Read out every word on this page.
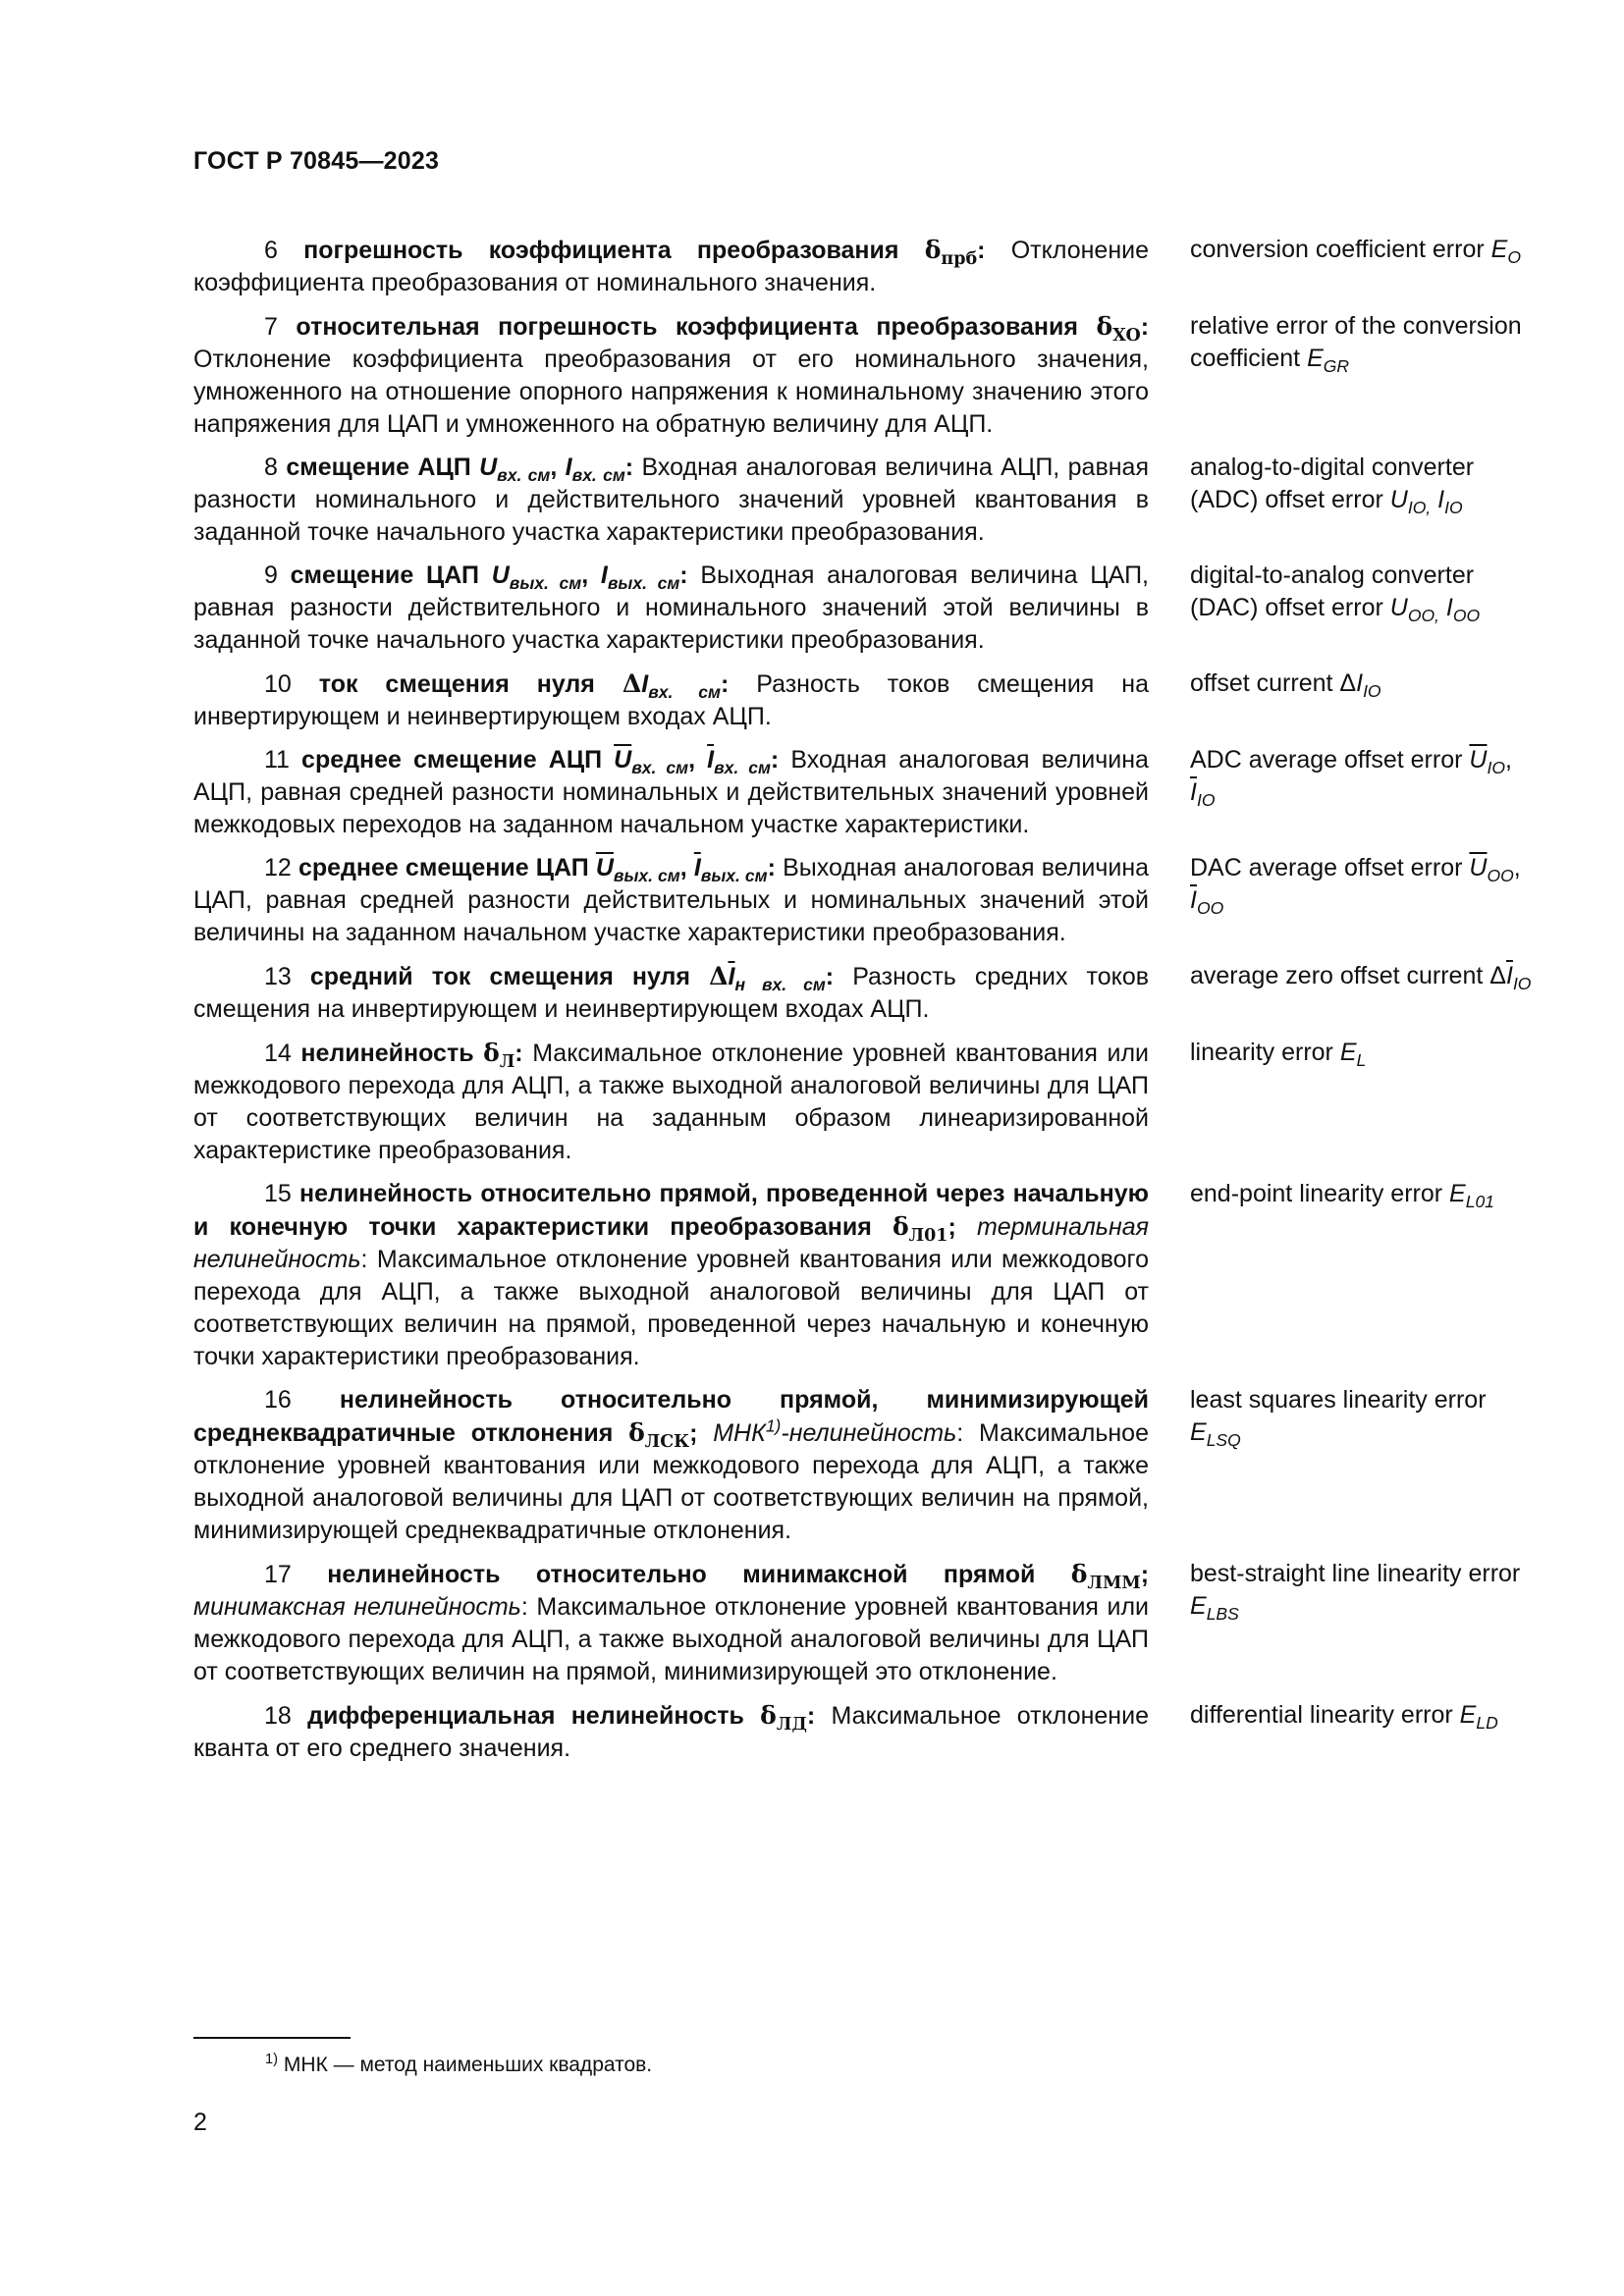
ГОСТ Р 70845—2023
6 погрешность коэффициента преобразования $\delta_{прб}$: Отклонение коэффициента преобразования от номинального значения.
conversion coefficient error $E_O$
7 относительная погрешность коэффициента преобразования $\delta_{XO}$: Отклонение коэффициента преобразования от его номинального значения, умноженного на отношение опорного напряжения к номинальному значению этого напряжения для ЦАП и умноженного на обратную величину для АЦП.
relative error of the conversion coefficient $E_{GR}$
8 смещение АЦП $U_{вх. см}$, $I_{вх. см}$: Входная аналоговая величина АЦП, равная разности номинального и действительного значений уровней квантования в заданной точке начального участка характеристики преобразования.
analog-to-digital converter (ADC) offset error $U_{IO,}$ $I_{IO}$
9 смещение ЦАП $U_{вых. см}$, $I_{вых. см}$: Выходная аналоговая величина ЦАП, равная разности действительного и номинального значений этой величины в заданной точке начального участка характеристики преобразования.
digital-to-analog converter (DAC) offset error $U_{OO,}$ $I_{OO}$
10 ток смещения нуля $\Delta I_{вх. см}$: Разность токов смещения на инвертирующем и неинвертирующем входах АЦП.
offset current $\Delta I_{IO}$
11 среднее смещение АЦП $\overline{U}_{вх. см}$, $\overline{I}_{вх. см}$: Входная аналоговая величина АЦП, равная средней разности номинальных и действительных значений уровней межкодовых переходов на заданном начальном участке характеристики.
ADC average offset error $\overline{U}_{IO}$, $\overline{I}_{IO}$
12 среднее смещение ЦАП $\overline{U}_{вых. см}$, $\overline{I}_{вых. см}$: Выходная аналоговая величина ЦАП, равная средней разности действительных и номинальных значений этой величины на заданном начальном участке характеристики преобразования.
DAC average offset error $\overline{U}_{OO}$, $\overline{I}_{OO}$
13 средний ток смещения нуля $\Delta\overline{I}_{н вх. см}$: Разность средних токов смещения на инвертирующем и неинвертирующем входах АЦП.
average zero offset current $\Delta\overline{I}_{IO}$
14 нелинейность $\delta_Л$: Максимальное отклонение уровней квантования или межкодового перехода для АЦП, а также выходной аналоговой величины для ЦАП от соответствующих величин на заданным образом линеаризированной характеристике преобразования.
linearity error $E_L$
15 нелинейность относительно прямой, проведенной через начальную и конечную точки характеристики преобразования $\delta_{Л01}$; терминальная нелинейность: Максимальное отклонение уровней квантования или межкодового перехода для АЦП, а также выходной аналоговой величины для ЦАП от соответствующих величин на прямой, проведенной через начальную и конечную точки характеристики преобразования.
end-point linearity error $E_{L01}$
16 нелинейность относительно прямой, минимизирующей среднеквадратичные отклонения $\delta_{ЛСК}$; МНК$^{1)}$-нелинейность: Максимальное отклонение уровней квантования или межкодового перехода для АЦП, а также выходной аналоговой величины для ЦАП от соответствующих величин на прямой, минимизирующей среднеквадратичные отклонения.
least squares linearity error $E_{LSQ}$
17 нелинейность относительно минимаксной прямой $\delta_{ЛММ}$; минимаксная нелинейность: Максимальное отклонение уровней квантования или межкодового перехода для АЦП, а также выходной аналоговой величины для ЦАП от соответствующих величин на прямой, минимизирующей это отклонение.
best-straight line linearity error $E_{LBS}$
18 дифференциальная нелинейность $\delta_{ЛД}$: Максимальное отклонение кванта от его среднего значения.
differential linearity error $E_{LD}$
$^{1)}$ МНК — метод наименьших квадратов.
2
